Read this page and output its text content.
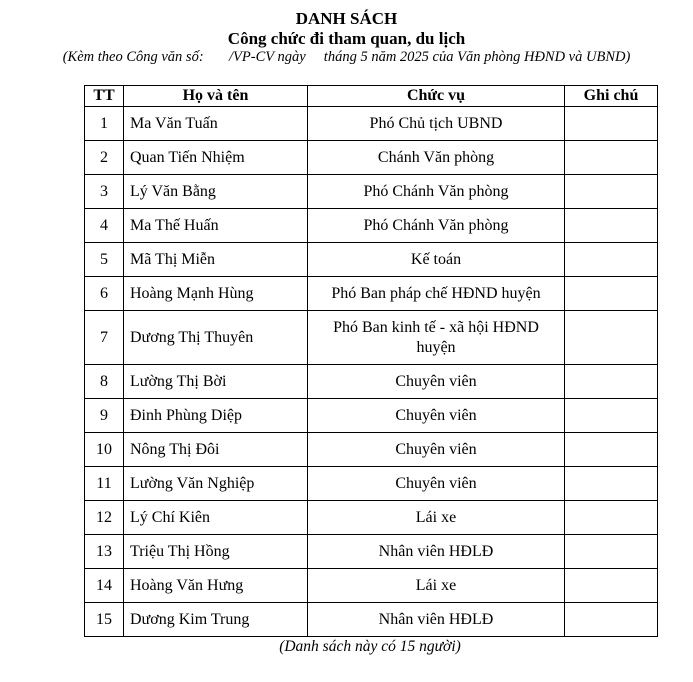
DANH SÁCH
Công chức đi tham quan, du lịch
(Kèm theo Công văn số:       /VP-CV ngày     tháng 5 năm 2025 của Văn phòng HĐND và UBND)
TT	Họ và tên	Chức vụ	Ghi chú
1	Ma Văn Tuấn	Phó Chủ tịch UBND	
2	Quan Tiến Nhiệm	Chánh Văn phòng	
3	Lý Văn Bằng	Phó Chánh Văn phòng	
4	Ma Thế Huấn	Phó Chánh Văn phòng	
5	Mã Thị Miễn	Kế toán	
6	Hoàng Mạnh Hùng	Phó Ban pháp chế HĐND huyện	
7	Dương Thị Thuyên	Phó Ban kinh tế - xã hội HĐND huyện	
8	Lường Thị Bời	Chuyên viên	
9	Đinh Phùng Diệp	Chuyên viên	
10	Nông Thị Đôi	Chuyên viên	
11	Lường Văn Nghiệp	Chuyên viên	
12	Lý Chí Kiên	Lái xe	
13	Triệu Thị Hồng	Nhân viên HĐLĐ	
14	Hoàng Văn Hưng	Lái xe	
15	Dương Kim Trung	Nhân viên HĐLĐ	
(Danh sách này có 15 người)
